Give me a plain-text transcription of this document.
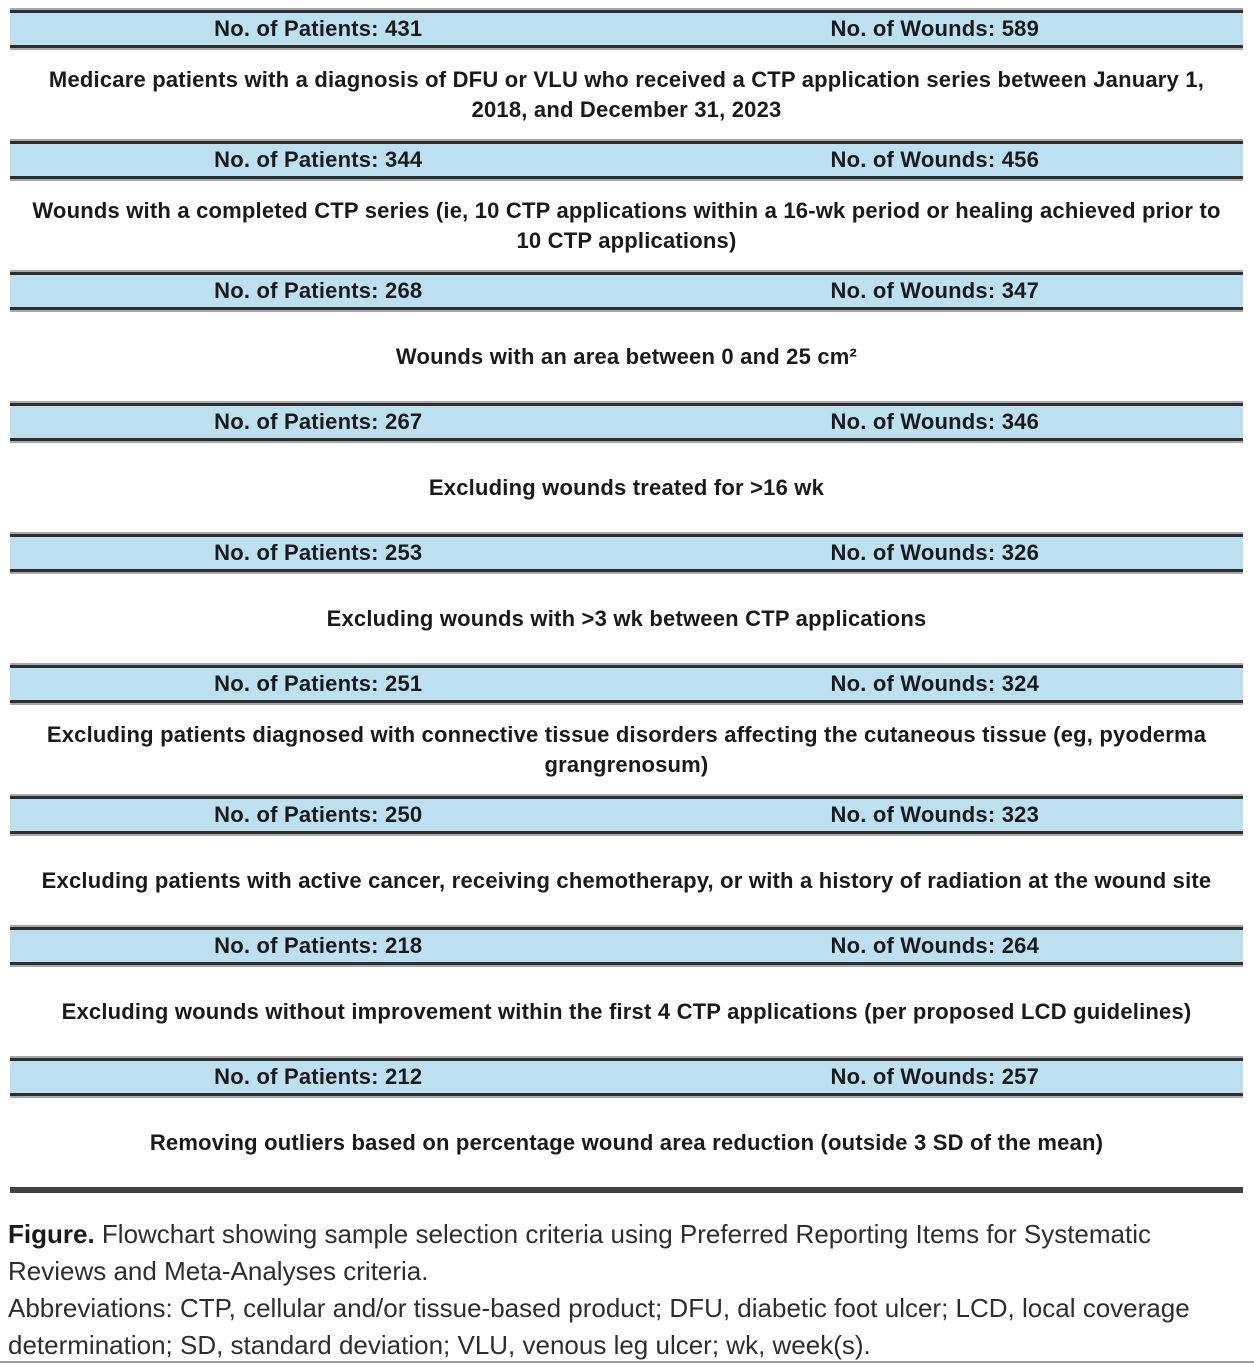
No. of Patients: 431	No. of Wounds: 589
Medicare patients with a diagnosis of DFU or VLU who received a CTP application series between January 1, 2018, and December 31, 2023
No. of Patients: 344	No. of Wounds: 456
Wounds with a completed CTP series (ie, 10 CTP applications within a 16-wk period or healing achieved prior to 10 CTP applications)
No. of Patients: 268	No. of Wounds: 347
Wounds with an area between 0 and 25 cm²
No. of Patients: 267	No. of Wounds: 346
Excluding wounds treated for >16 wk
No. of Patients: 253	No. of Wounds: 326
Excluding wounds with >3 wk between CTP applications
No. of Patients: 251	No. of Wounds: 324
Excluding patients diagnosed with connective tissue disorders affecting the cutaneous tissue (eg, pyoderma grangrenosum)
No. of Patients: 250	No. of Wounds: 323
Excluding patients with active cancer, receiving chemotherapy, or with a history of radiation at the wound site
No. of Patients: 218	No. of Wounds: 264
Excluding wounds without improvement within the first 4 CTP applications (per proposed LCD guidelines)
No. of Patients: 212	No. of Wounds: 257
Removing outliers based on percentage wound area reduction (outside 3 SD of the mean)

Figure. Flowchart showing sample selection criteria using Preferred Reporting Items for Systematic Reviews and Meta-Analyses criteria.

Abbreviations: CTP, cellular and/or tissue-based product; DFU, diabetic foot ulcer; LCD, local coverage determination; SD, standard deviation; VLU, venous leg ulcer; wk, week(s).
